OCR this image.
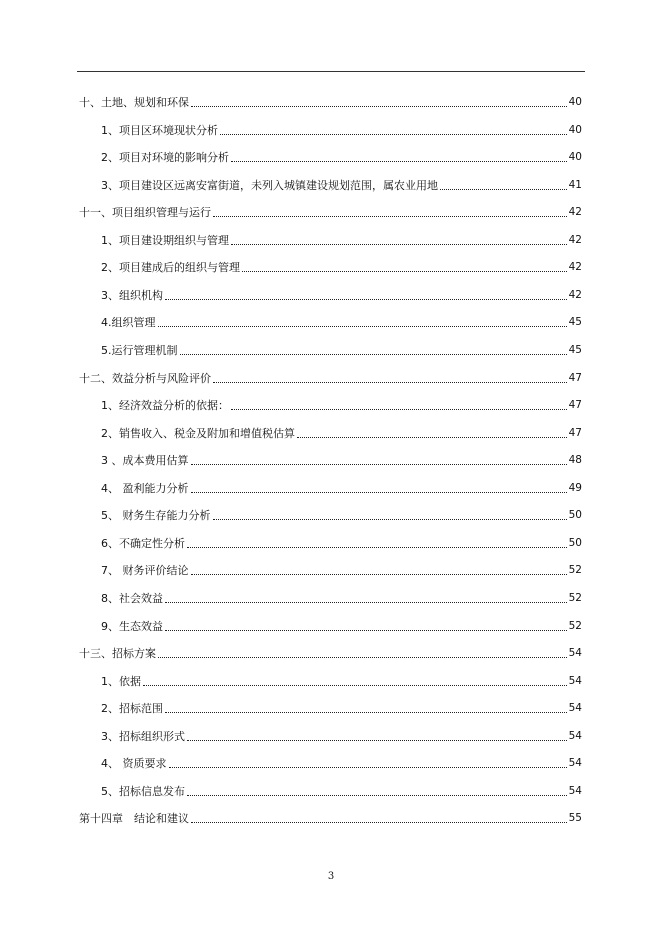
十、土地、规划和环保	40
1、项目区环境现状分析	40
2、项目对环境的影响分析	40
3、项目建设区远离安富街道，未列入城镇建设规划范围，属农业用地	41
十一、项目组织管理与运行	42
1、项目建设期组织与管理	42
2、项目建成后的组织与管理	42
3、组织机构	42
4.组织管理	45
5.运行管理机制	45
十二、效益分析与风险评价	47
1、经济效益分析的依据：	47
2、销售收入、税金及附加和增值税估算	47
3 、成本费用估算	48
4、 盈利能力分析	49
5、 财务生存能力分析	50
6、不确定性分析	50
7、 财务评价结论	52
8、社会效益	52
9、生态效益	52
十三、招标方案	54
1、依据	54
2、招标范围	54
3、招标组织形式	54
4、 资质要求	54
5、招标信息发布	54
第十四章　结论和建议	55
3
